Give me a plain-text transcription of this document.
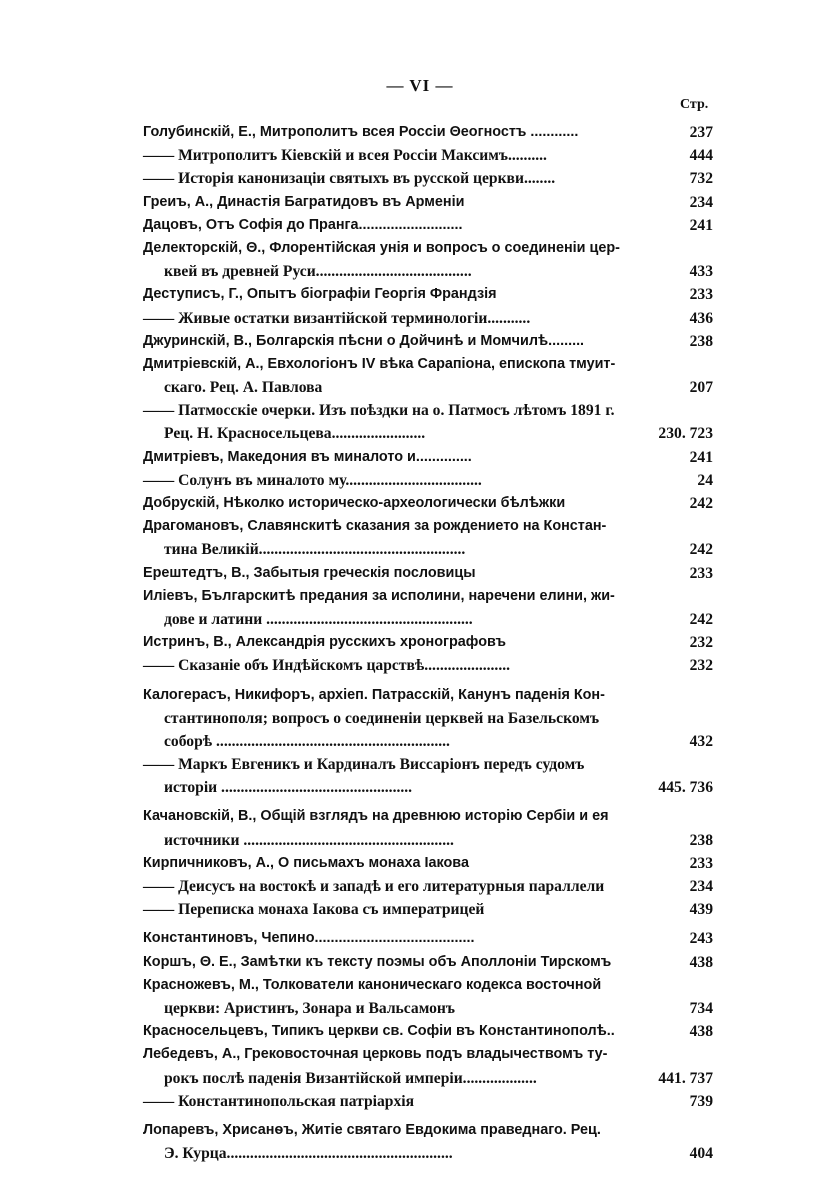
— VI —
Стр.
Голубинскій, Е., Митрополитъ всея Россіи Θеогностъ ............	237
—— Митрополитъ Кіевскій и всея Россіи Максимъ..........	444
—— Исторія канонизаціи святыхъ въ русской церкви........	732
Греиъ, А., Династія Багратидовъ въ Арменіи	234
Дацовъ, Отъ Софія до Пранга..........................	241
Делекторскій, Θ., Флорентійская унія и вопросъ о соединеніи цер-
квей въ древней Руси........................................	433
Деступисъ, Г., Опытъ біографіи Георгія Франдзія	233
—— Живые остатки византійской терминологіи...........	436
Джуринскій, В., Болгарскія пѣсни о Дойчинѣ и Момчилѣ.........	238
Дмитріевскій, А., Евхологіонъ IV вѣка Сарапіона, епископа тмуит-
скаго. Рец. А. Павлова	207
—— Патмосскіе очерки. Изъ поѣздки на о. Патмосъ лѣтомъ 1891 г.
Рец. Н. Красносельцева........................	230. 723
Дмитріевъ, Македония въ миналото и..............	241
—— Солунъ въ миналото му...................................	24
Добрускій, Нѣколко историческо-археологически бѣлѣжки	242
Драгомановъ, Славянскитѣ сказания за рождението на Констан-
тина Великій.....................................................	242
Ерештедтъ, В., Забытыя греческія пословицы	233
Иліевъ, Българскитѣ предания за исполини, наречени елини, жи-
дове и латини .....................................................	242
Истринъ, В., Александрія русскихъ хронографовъ	232
—— Сказаніе объ Индѣйскомъ царствѣ......................	232
Калогерасъ, Никифоръ, архіеп. Патрасскій, Канунъ паденія Кон-
стантинополя; вопросъ о соединеніи церквей на Базельскомъ
соборѣ ............................................................	432
—— Маркъ Евгеникъ и Кардиналъ Виссаріонъ передъ судомъ
исторіи .................................................	445. 736
Качановскій, В., Общій взглядъ на древнюю исторію Сербіи и ея
источники ......................................................	238
Кирпичниковъ, А., О письмахъ монаха Іакова	233
—— Деисусъ на востокѣ и западѣ и его литературныя параллели	234
—— Переписка монаха Іакова съ императрицей	439
Константиновъ, Чепино........................................	243
Коршъ, Θ. Е., Замѣтки къ тексту поэмы объ Аполлоніи Тирскомъ	438
Красножевъ, М., Толкователи каноническаго кодекса восточной
церкви: Аристинъ, Зонара и Вальсамонъ	734
Красносельцевъ, Типикъ церкви св. Софіи въ Константинополѣ..	438
Лебедевъ, А., Грековосточная церковь подъ владычествомъ ту-
рокъ послѣ паденія Византійской имперіи...................	441. 737
—— Константинопольская патріархія	739
Лопаревъ, Хрисанѳъ, Житіе святаго Евдокима праведнаго. Рец.
Э. Курца..........................................................	404
